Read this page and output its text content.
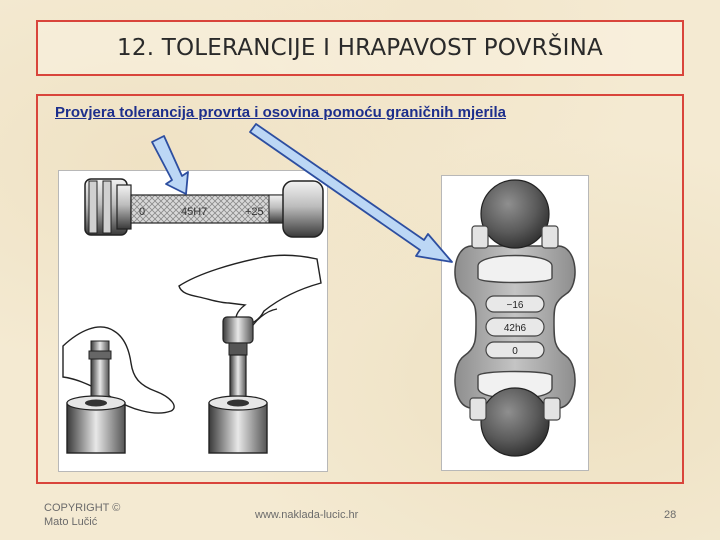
12. TOLERANCIJE I HRAPAVOST POVRŠINA
Provjera tolerancija provrta i osovina pomoću graničnih mjerila
0	45H7	+25
−16
42h6
0
COPYRIGHT ©
Mato Lučić
www.naklada-lucic.hr	28
